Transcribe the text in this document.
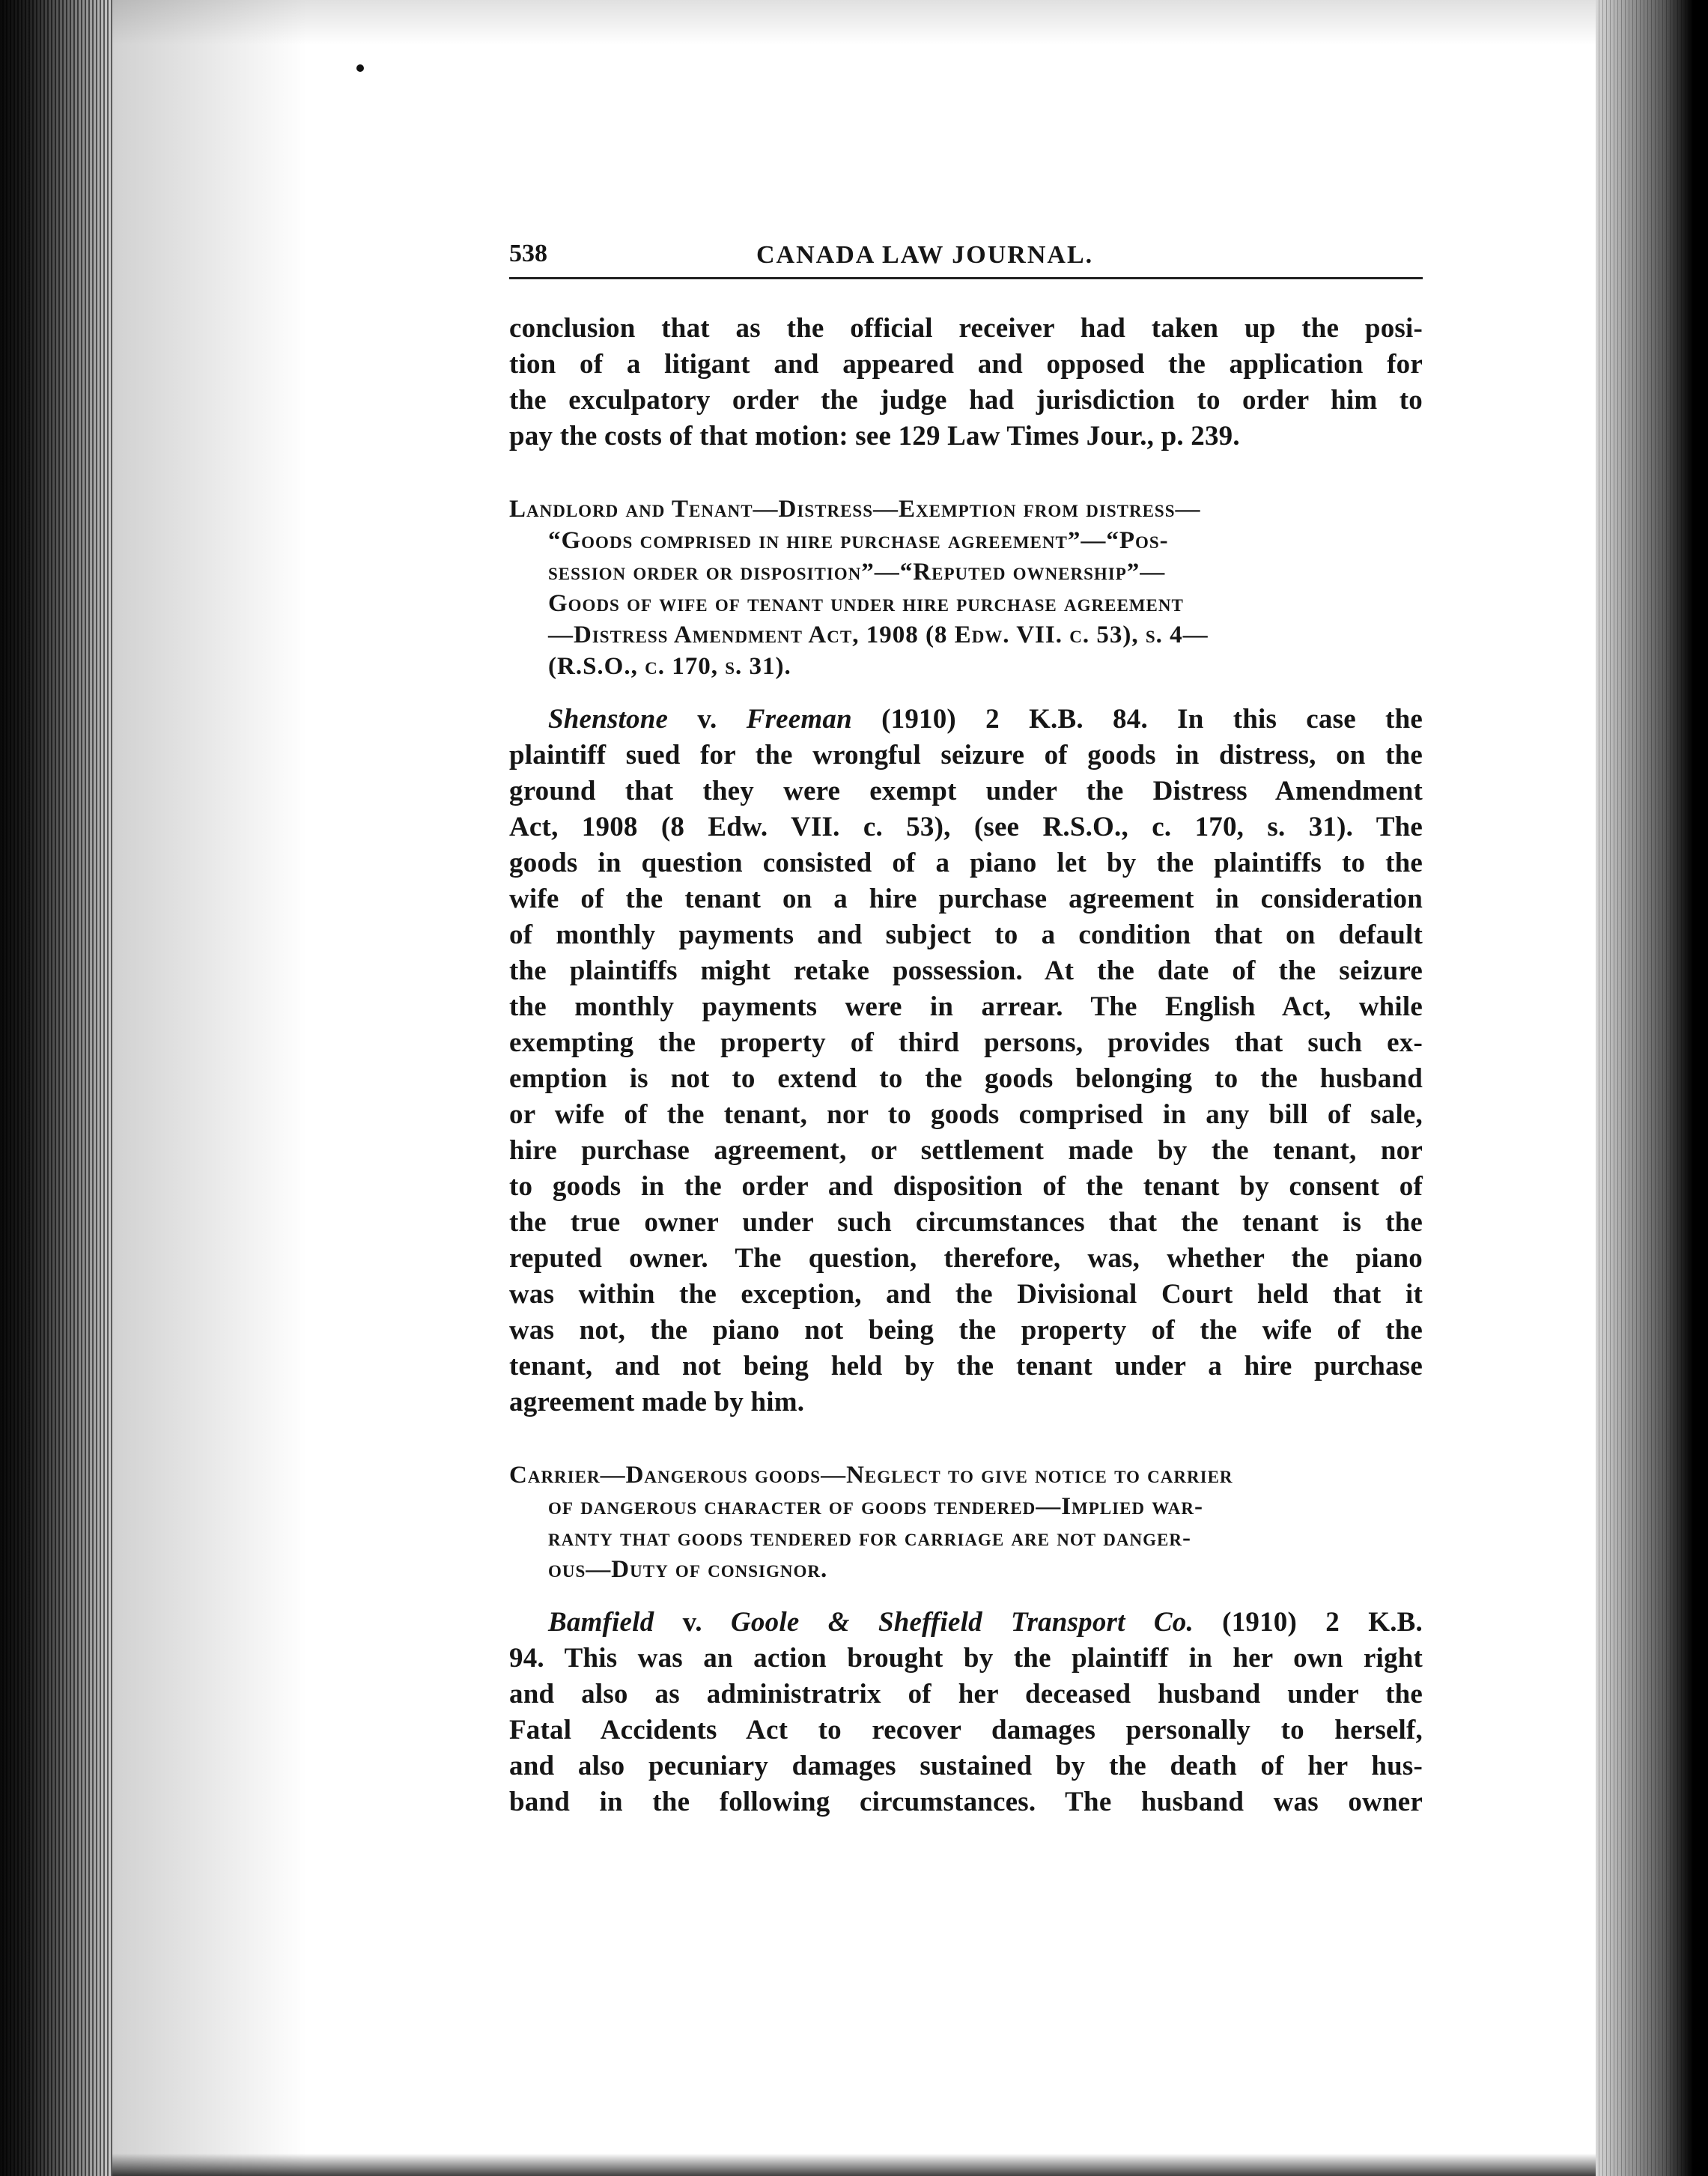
538	CANADA LAW JOURNAL.

conclusion that as the official receiver had taken up the posi-
tion of a litigant and appeared and opposed the application for
the exculpatory order the judge had jurisdiction to order him to
pay the costs of that motion: see 129 Law Times Jour., p. 239.

Landlord and Tenant—Distress—Exemption from distress—
“Goods comprised in hire purchase agreement”—“Pos-
session order or disposition”—“Reputed ownership”—
Goods of wife of tenant under hire purchase agreement
—Distress Amendment Act, 1908 (8 Edw. VII. c. 53), s. 4—
(R.S.O., c. 170, s. 31).

Shenstone v. Freeman (1910) 2 K.B. 84. In this case the
plaintiff sued for the wrongful seizure of goods in distress, on the
ground that they were exempt under the Distress Amendment
Act, 1908 (8 Edw. VII. c. 53), (see R.S.O., c. 170, s. 31). The
goods in question consisted of a piano let by the plaintiffs to the
wife of the tenant on a hire purchase agreement in consideration
of monthly payments and subject to a condition that on default
the plaintiffs might retake possession. At the date of the seizure
the monthly payments were in arrear. The English Act, while
exempting the property of third persons, provides that such ex-
emption is not to extend to the goods belonging to the husband
or wife of the tenant, nor to goods comprised in any bill of sale,
hire purchase agreement, or settlement made by the tenant, nor
to goods in the order and disposition of the tenant by consent of
the true owner under such circumstances that the tenant is the
reputed owner. The question, therefore, was, whether the piano
was within the exception, and the Divisional Court held that it
was not, the piano not being the property of the wife of the
tenant, and not being held by the tenant under a hire purchase
agreement made by him.

Carrier—Dangerous goods—Neglect to give notice to carrier
of dangerous character of goods tendered—Implied war-
ranty that goods tendered for carriage are not danger-
ous—Duty of consignor.

Bamfield v. Goole & Sheffield Transport Co. (1910) 2 K.B.
94. This was an action brought by the plaintiff in her own right
and also as administratrix of her deceased husband under the
Fatal Accidents Act to recover damages personally to herself,
and also pecuniary damages sustained by the death of her hus-
band in the following circumstances. The husband was owner
